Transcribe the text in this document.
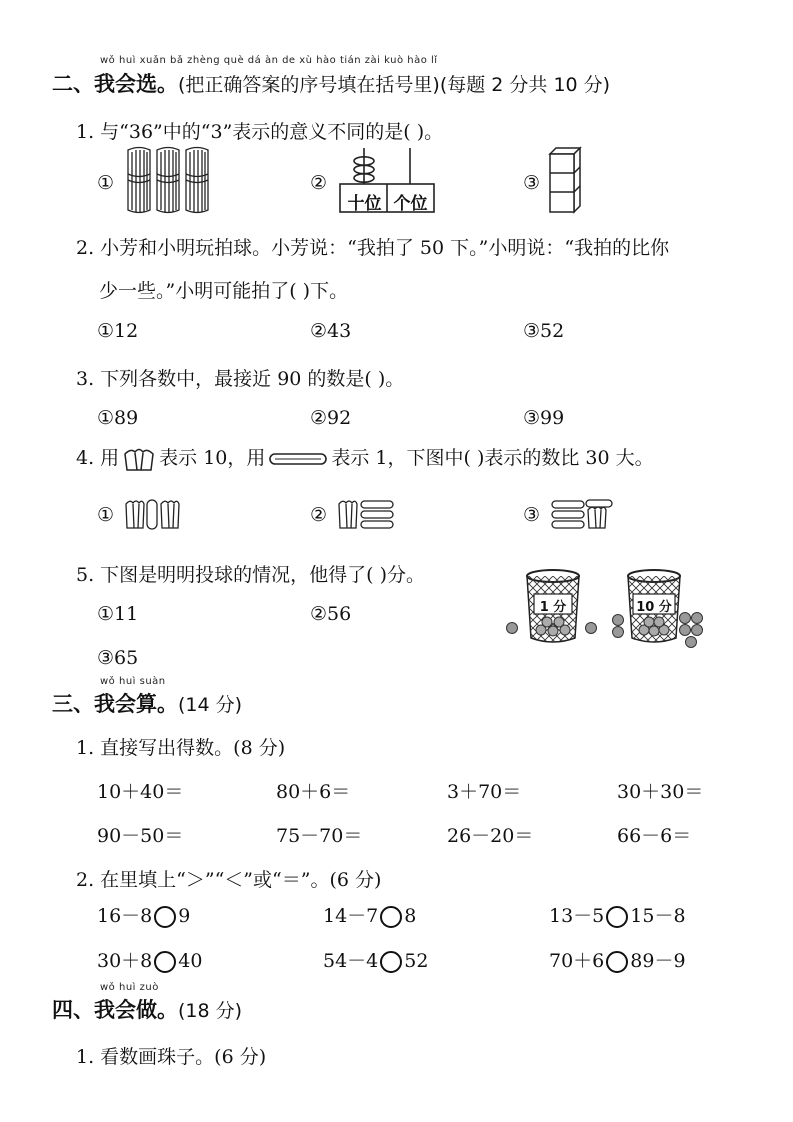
wǒ huì xuǎn bǎ zhèng què dá àn de xù hào tián zài kuò hào lǐ
二、我会选。(把正确答案的序号填在括号里)(每题 2 分共 10 分)
1. 与“36”中的“3”表示的意义不同的是( )。
①	②
十位 个位
③
2. 小芳和小明玩拍球。小芳说：“我拍了 50 下。”小明说：“我拍的比你
少一些。”小明可能拍了( )下。
①12	②43	③52
3. 下列各数中，最接近 90 的数是( )。
①89	②92	③99
4. 用 表示 10，用	表示 1，下图中( )表示的数比 30 大。
①	②	③
5. 下图是明明投球的情况，他得了( )分。
①11	②56
③65
1 分	10 分
wǒ huì suàn
三、我会算。(14 分)
1. 直接写出得数。(8 分)
10＋40＝	80＋6＝	3＋70＝	30＋30＝
90－50＝	75－70＝	26－20＝	66－6＝
2. 在里填上“＞”“＜”或“＝”。(6 分)
16－8 9	14－7 8	13－5 15－8
30＋8 40	54－4 52	70＋6 89－9
wǒ huì zuò
四、我会做。(18 分)
1. 看数画珠子。(6 分)
